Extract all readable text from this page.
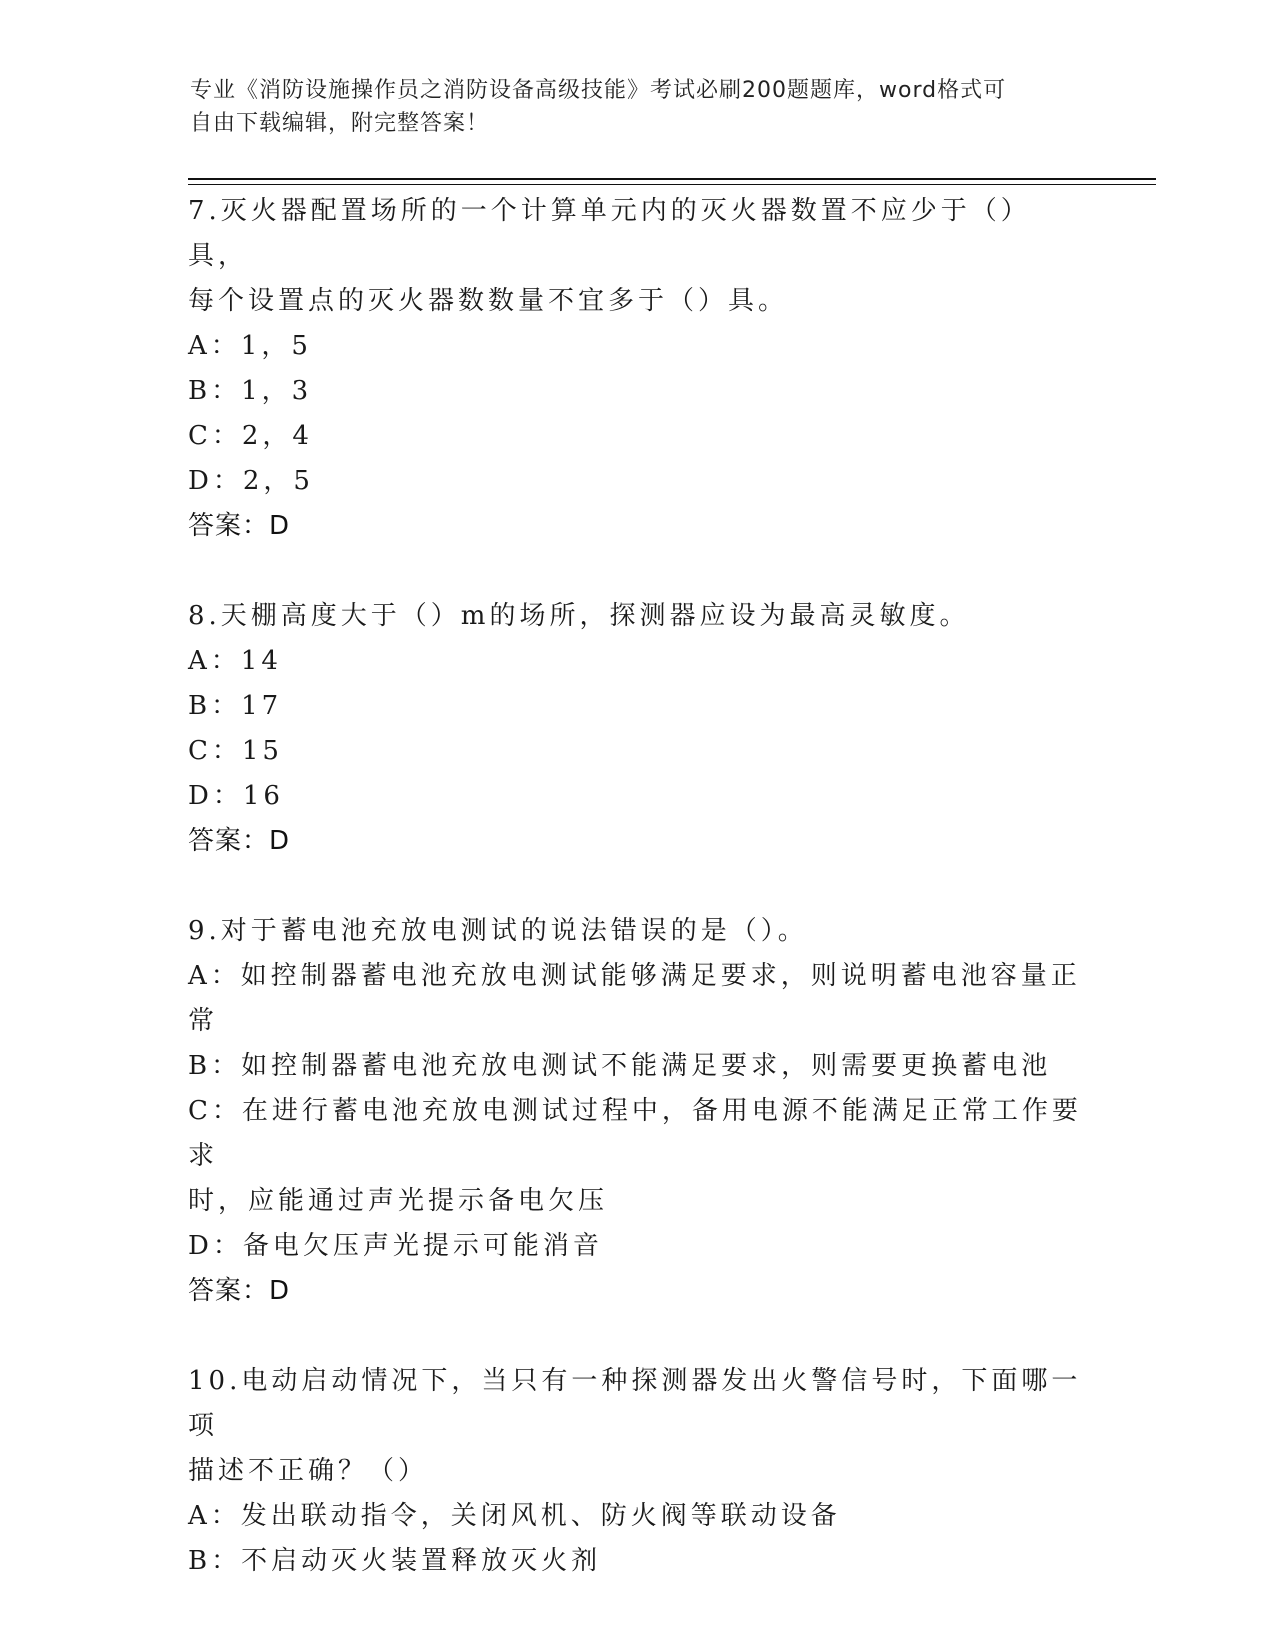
专业《消防设施操作员之消防设备高级技能》考试必刷200题题库，word格式可
自由下载编辑，附完整答案！
7.灭火器配置场所的一个计算单元内的灭火器数置不应少于（）具，
每个设置点的灭火器数数量不宜多于（）具。
A：1，5
B：1，3
C：2，4
D：2，5
答案：D
8.天棚高度大于（）m的场所，探测器应设为最高灵敏度。
A：14
B：17
C：15
D：16
答案：D
9.对于蓄电池充放电测试的说法错误的是（）。
A：如控制器蓄电池充放电测试能够满足要求，则说明蓄电池容量正常
B：如控制器蓄电池充放电测试不能满足要求，则需要更换蓄电池
C：在进行蓄电池充放电测试过程中，备用电源不能满足正常工作要求
时，应能通过声光提示备电欠压
D：备电欠压声光提示可能消音
答案：D
10.电动启动情况下，当只有一种探测器发出火警信号时，下面哪一项
描述不正确？（）
A：发出联动指令，关闭风机、防火阀等联动设备
B：不启动灭火装置释放灭火剂
